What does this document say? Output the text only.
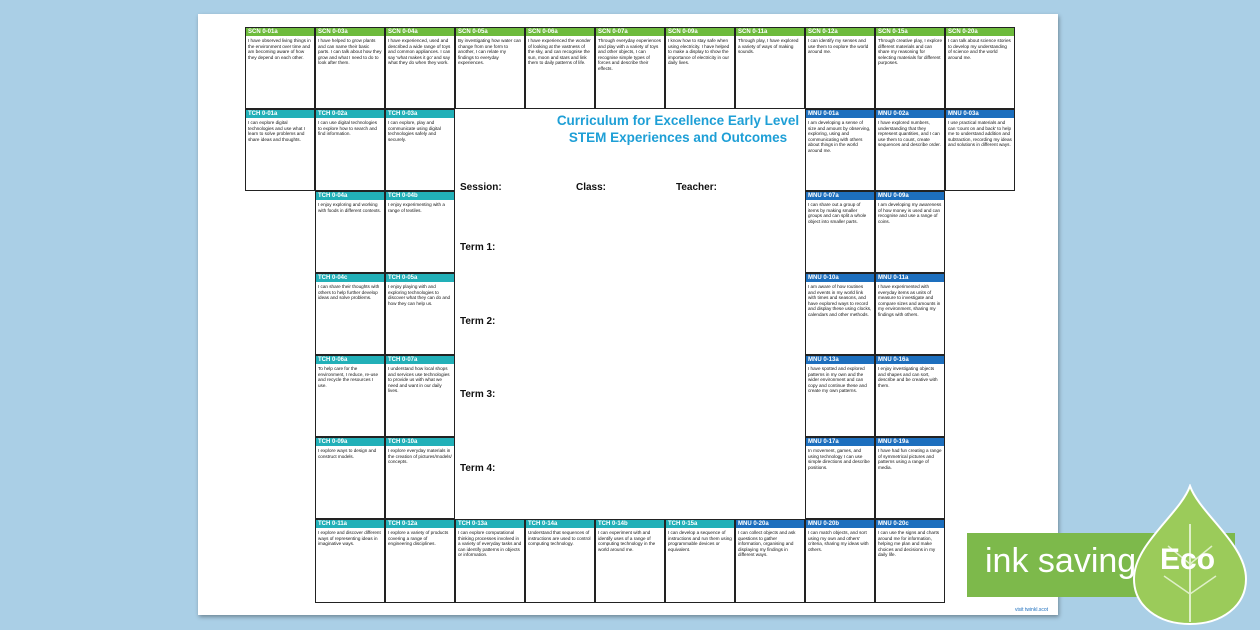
SCN 0-01a
I have observed living things in the environment over time and am becoming aware of how they depend on each other.
SCN 0-03a
I have helped to grow plants and can name their basic parts. I can talk about how they grow and what I need to do to look after them.
SCN 0-04a
I have experienced, used and described a wide range of toys and common appliances. I can say 'what makes it go' and say what they do when they work.
SCN 0-05a
By investigating how water can change from one form to another, I can relate my findings to everyday experiences.
SCN 0-06a
I have experienced the wonder of looking at the vastness of the sky, and can recognise the sun, moon and stars and link them to daily patterns of life.
SCN 0-07a
Through everyday experiences and play with a variety of toys and other objects, I can recognise simple types of forces and describe their effects.
SCN 0-09a
I know how to stay safe when using electricity. I have helped to make a display to show the importance of electricity in our daily lives.
SCN 0-11a
Through play, I have explored a variety of ways of making sounds.
SCN 0-12a
I can identify my senses and use them to explore the world around me.
SCN 0-15a
Through creative play, I explore different materials and can share my reasoning for selecting materials for different purposes.
SCN 0-20a
I can talk about science stories to develop my understanding of science and the world around me.
TCH 0-01a
I can explore digital technologies and use what I learn to solve problems and share ideas and thoughts.
TCH 0-02a
I can use digital technologies to explore how to search and find information.
TCH 0-03a
I can explore, play and communicate using digital technologies safely and securely.
MNU 0-01a
I am developing a sense of size and amount by observing, exploring, using and communicating with others about things in the world around me.
MNU 0-02a
I have explored numbers, understanding that they represent quantities, and I can use them to count, create sequences and describe order.
MNU 0-03a
I use practical materials and can 'count on and back' to help me to understand addition and subtraction, recording my ideas and solutions in different ways.
Curriculum for Excellence Early Level
STEM Experiences and Outcomes
Session:	Class:	Teacher:
Term 1:
Term 2:
Term 3:
Term 4:
TCH 0-04a
I enjoy exploring and working with foods in different contexts.
TCH 0-04b
I enjoy experimenting with a range of textiles.
TCH 0-04c
I can share their thoughts with others to help further develop ideas and solve problems.
TCH 0-05a
I enjoy playing with and exploring technologies to discover what they can do and how they can help us.
TCH 0-06a
To help care for the environment, I reduce, re-use and recycle the resources I use.
TCH 0-07a
I understand how local shops and services use technologies to provide us with what we need and want in our daily lives.
TCH 0-09a
I explore ways to design and construct models.
TCH 0-10a
I explore everyday materials in the creation of pictures/models/ concepts.
MNU 0-07a
I can share out a group of items by making smaller groups and can split a whole object into smaller parts.
MNU 0-09a
I am developing my awareness of how money is used and can recognise and use a range of coins.
MNU 0-10a
I am aware of how routines and events in my world link with times and seasons, and have explored ways to record and display these using clocks, calendars and other methods.
MNU 0-11a
I have experimented with everyday items as units of measure to investigate and compare sizes and amounts in my environment, sharing my findings with others.
MNU 0-13a
I have spotted and explored patterns in my own and the wider environment and can copy and continue these and create my own patterns.
MNU 0-16a
I enjoy investigating objects and shapes and can sort, describe and be creative with them.
MNU 0-17a
In movement, games, and using technology I can use simple directions and describe positions.
MNU 0-19a
I have had fun creating a range of symmetrical pictures and patterns using a range of media.
TCH 0-11a
I explore and discover different ways of representing ideas in imaginative ways.
TCH 0-12a
I explore a variety of products covering a range of engineering disciplines.
TCH 0-13a
I can explore computational thinking processes involved in a variety of everyday tasks and can identify patterns in objects or information.
TCH 0-14a
Understand that sequences of instructions are used to control computing technology.
TCH 0-14b
I can experiment with and identify uses of a range of computing technology in the world around me.
TCH 0-15a
I can develop a sequence of instructions and run them using programmable devices or equivalent.
MNU 0-20a
I can collect objects and ask questions to gather information, organising and displaying my findings in different ways.
MNU 0-20b
I can match objects, and sort using my own and others' criteria, sharing my ideas with others.
MNU 0-20c
I can use the signs and charts around me for information, helping me plan and make choices and decisions in my daily life.
visit twinkl.scot
ink saving Eco
